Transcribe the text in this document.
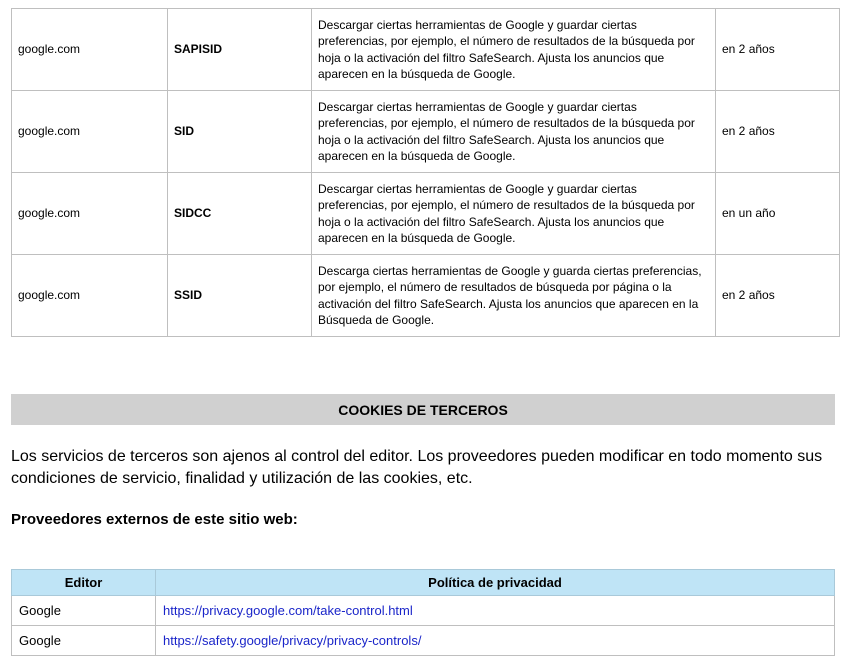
google.com	SAPISID	Descargar ciertas herramientas de Google y guardar ciertas preferencias, por ejemplo, el número de resultados de la búsqueda por hoja o la activación del filtro SafeSearch. Ajusta los anuncios que aparecen en la búsqueda de Google.	en 2 años
google.com	SID	Descargar ciertas herramientas de Google y guardar ciertas preferencias, por ejemplo, el número de resultados de la búsqueda por hoja o la activación del filtro SafeSearch. Ajusta los anuncios que aparecen en la búsqueda de Google.	en 2 años
google.com	SIDCC	Descargar ciertas herramientas de Google y guardar ciertas preferencias, por ejemplo, el número de resultados de la búsqueda por hoja o la activación del filtro SafeSearch. Ajusta los anuncios que aparecen en la búsqueda de Google.	en un año
google.com	SSID	Descarga ciertas herramientas de Google y guarda ciertas preferencias, por ejemplo, el número de resultados de búsqueda por página o la activación del filtro SafeSearch. Ajusta los anuncios que aparecen en la Búsqueda de Google.	en 2 años
COOKIES DE TERCEROS

Los servicios de terceros son ajenos al control del editor. Los proveedores pueden modificar en todo momento sus condiciones de servicio, finalidad y utilización de las cookies, etc.

Proveedores externos de este sitio web:

Editor	Política de privacidad
Google	https://privacy.google.com/take-control.html
Google	https://safety.google/privacy/privacy-controls/
